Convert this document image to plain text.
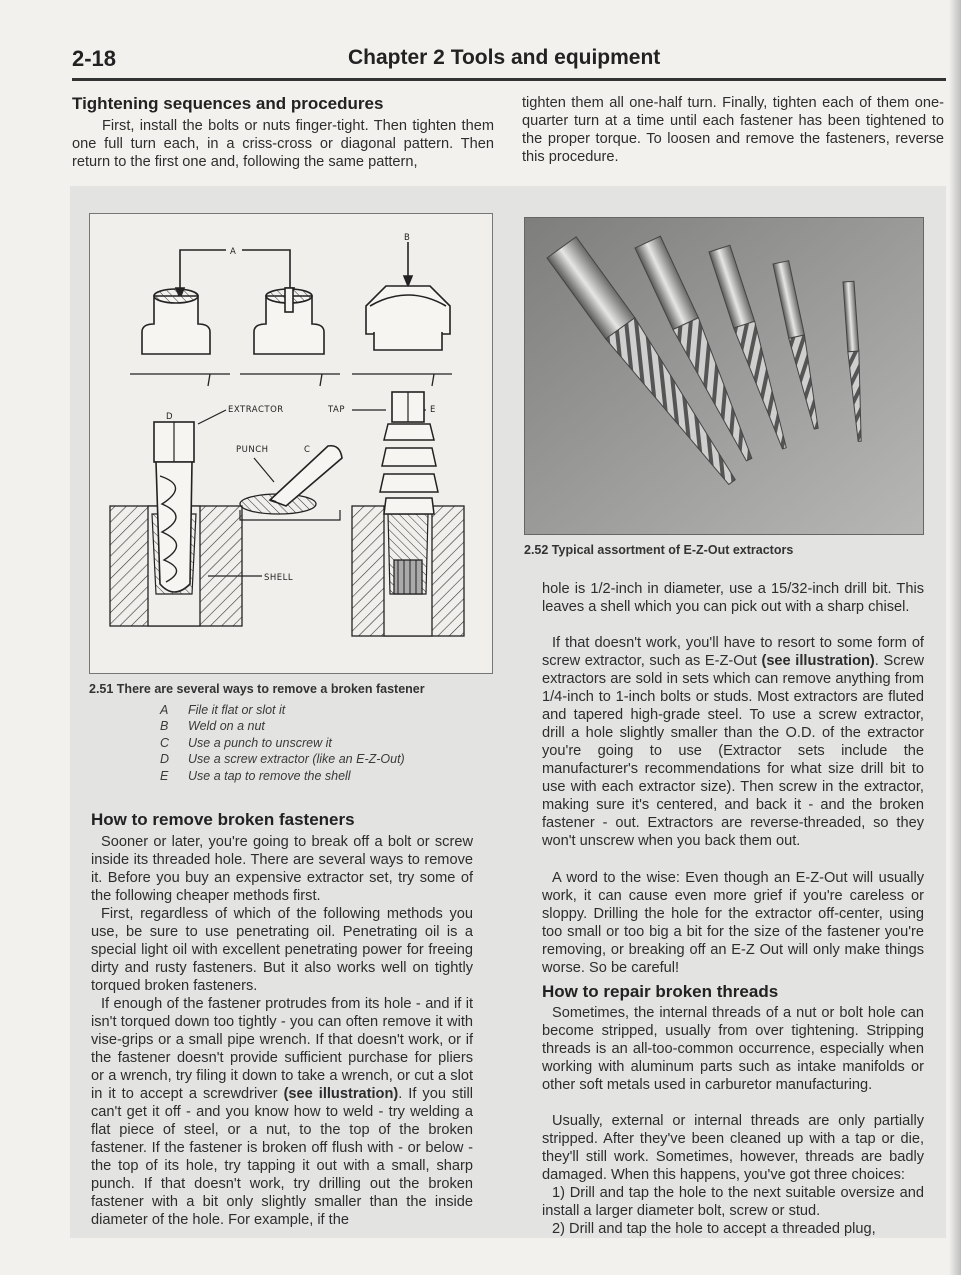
2-18	Chapter 2 Tools and equipment
Tightening sequences and procedures

First, install the bolts or nuts finger-tight. Then tighten them one full turn each, in a criss-cross or diagonal pattern. Then return to the first one and, following the same pattern,

tighten them all one-half turn. Finally, tighten each of them one-quarter turn at a time until each fastener has been tightened to the proper torque. To loosen and remove the fasteners, reverse this procedure.

A
B
EXTRACTOR	TAP	E
D
PUNCH	C
SHELL
2.51 There are several ways to remove a broken fastener
A File it flat or slot it
B Weld on a nut
C Use a punch to unscrew it
D Use a screw extractor (like an E-Z-Out)
E Use a tap to remove the shell
2.52 Typical assortment of E-Z-Out extractors
How to remove broken fasteners

Sooner or later, you're going to break off a bolt or screw inside its threaded hole. There are several ways to remove it. Before you buy an expensive extractor set, try some of the following cheaper methods first.

First, regardless of which of the following methods you use, be sure to use penetrating oil. Penetrating oil is a special light oil with excellent penetrating power for freeing dirty and rusty fasteners. But it also works well on tightly torqued broken fasteners.

If enough of the fastener protrudes from its hole - and if it isn't torqued down too tightly - you can often remove it with vise-grips or a small pipe wrench. If that doesn't work, or if the fastener doesn't provide sufficient purchase for pliers or a wrench, try filing it down to take a wrench, or cut a slot in it to accept a screwdriver (see illustration). If you still can't get it off - and you know how to weld - try welding a flat piece of steel, or a nut, to the top of the broken fastener. If the fastener is broken off flush with - or below - the top of its hole, try tapping it out with a small, sharp punch. If that doesn't work, try drilling out the broken fastener with a bit only slightly smaller than the inside diameter of the hole. For example, if the

hole is 1/2-inch in diameter, use a 15/32-inch drill bit. This leaves a shell which you can pick out with a sharp chisel.

If that doesn't work, you'll have to resort to some form of screw extractor, such as E-Z-Out (see illustration). Screw extractors are sold in sets which can remove anything from 1/4-inch to 1-inch bolts or studs. Most extractors are fluted and tapered high-grade steel. To use a screw extractor, drill a hole slightly smaller than the O.D. of the extractor you're going to use (Extractor sets include the manufacturer's recommendations for what size drill bit to use with each extractor size). Then screw in the extractor, making sure it's centered, and back it - and the broken fastener - out. Extractors are reverse-threaded, so they won't unscrew when you back them out.

A word to the wise: Even though an E-Z-Out will usually work, it can cause even more grief if you're careless or sloppy. Drilling the hole for the extractor off-center, using too small or too big a bit for the size of the fastener you're removing, or breaking off an E-Z Out will only make things worse. So be careful!

How to repair broken threads

Sometimes, the internal threads of a nut or bolt hole can become stripped, usually from over tightening. Stripping threads is an all-too-common occurrence, especially when working with aluminum parts such as intake manifolds or other soft metals used in carburetor manufacturing.

Usually, external or internal threads are only partially stripped. After they've been cleaned up with a tap or die, they'll still work. Sometimes, however, threads are badly damaged. When this happens, you've got three choices:

1) Drill and tap the hole to the next suitable oversize and install a larger diameter bolt, screw or stud.

2) Drill and tap the hole to accept a threaded plug,
